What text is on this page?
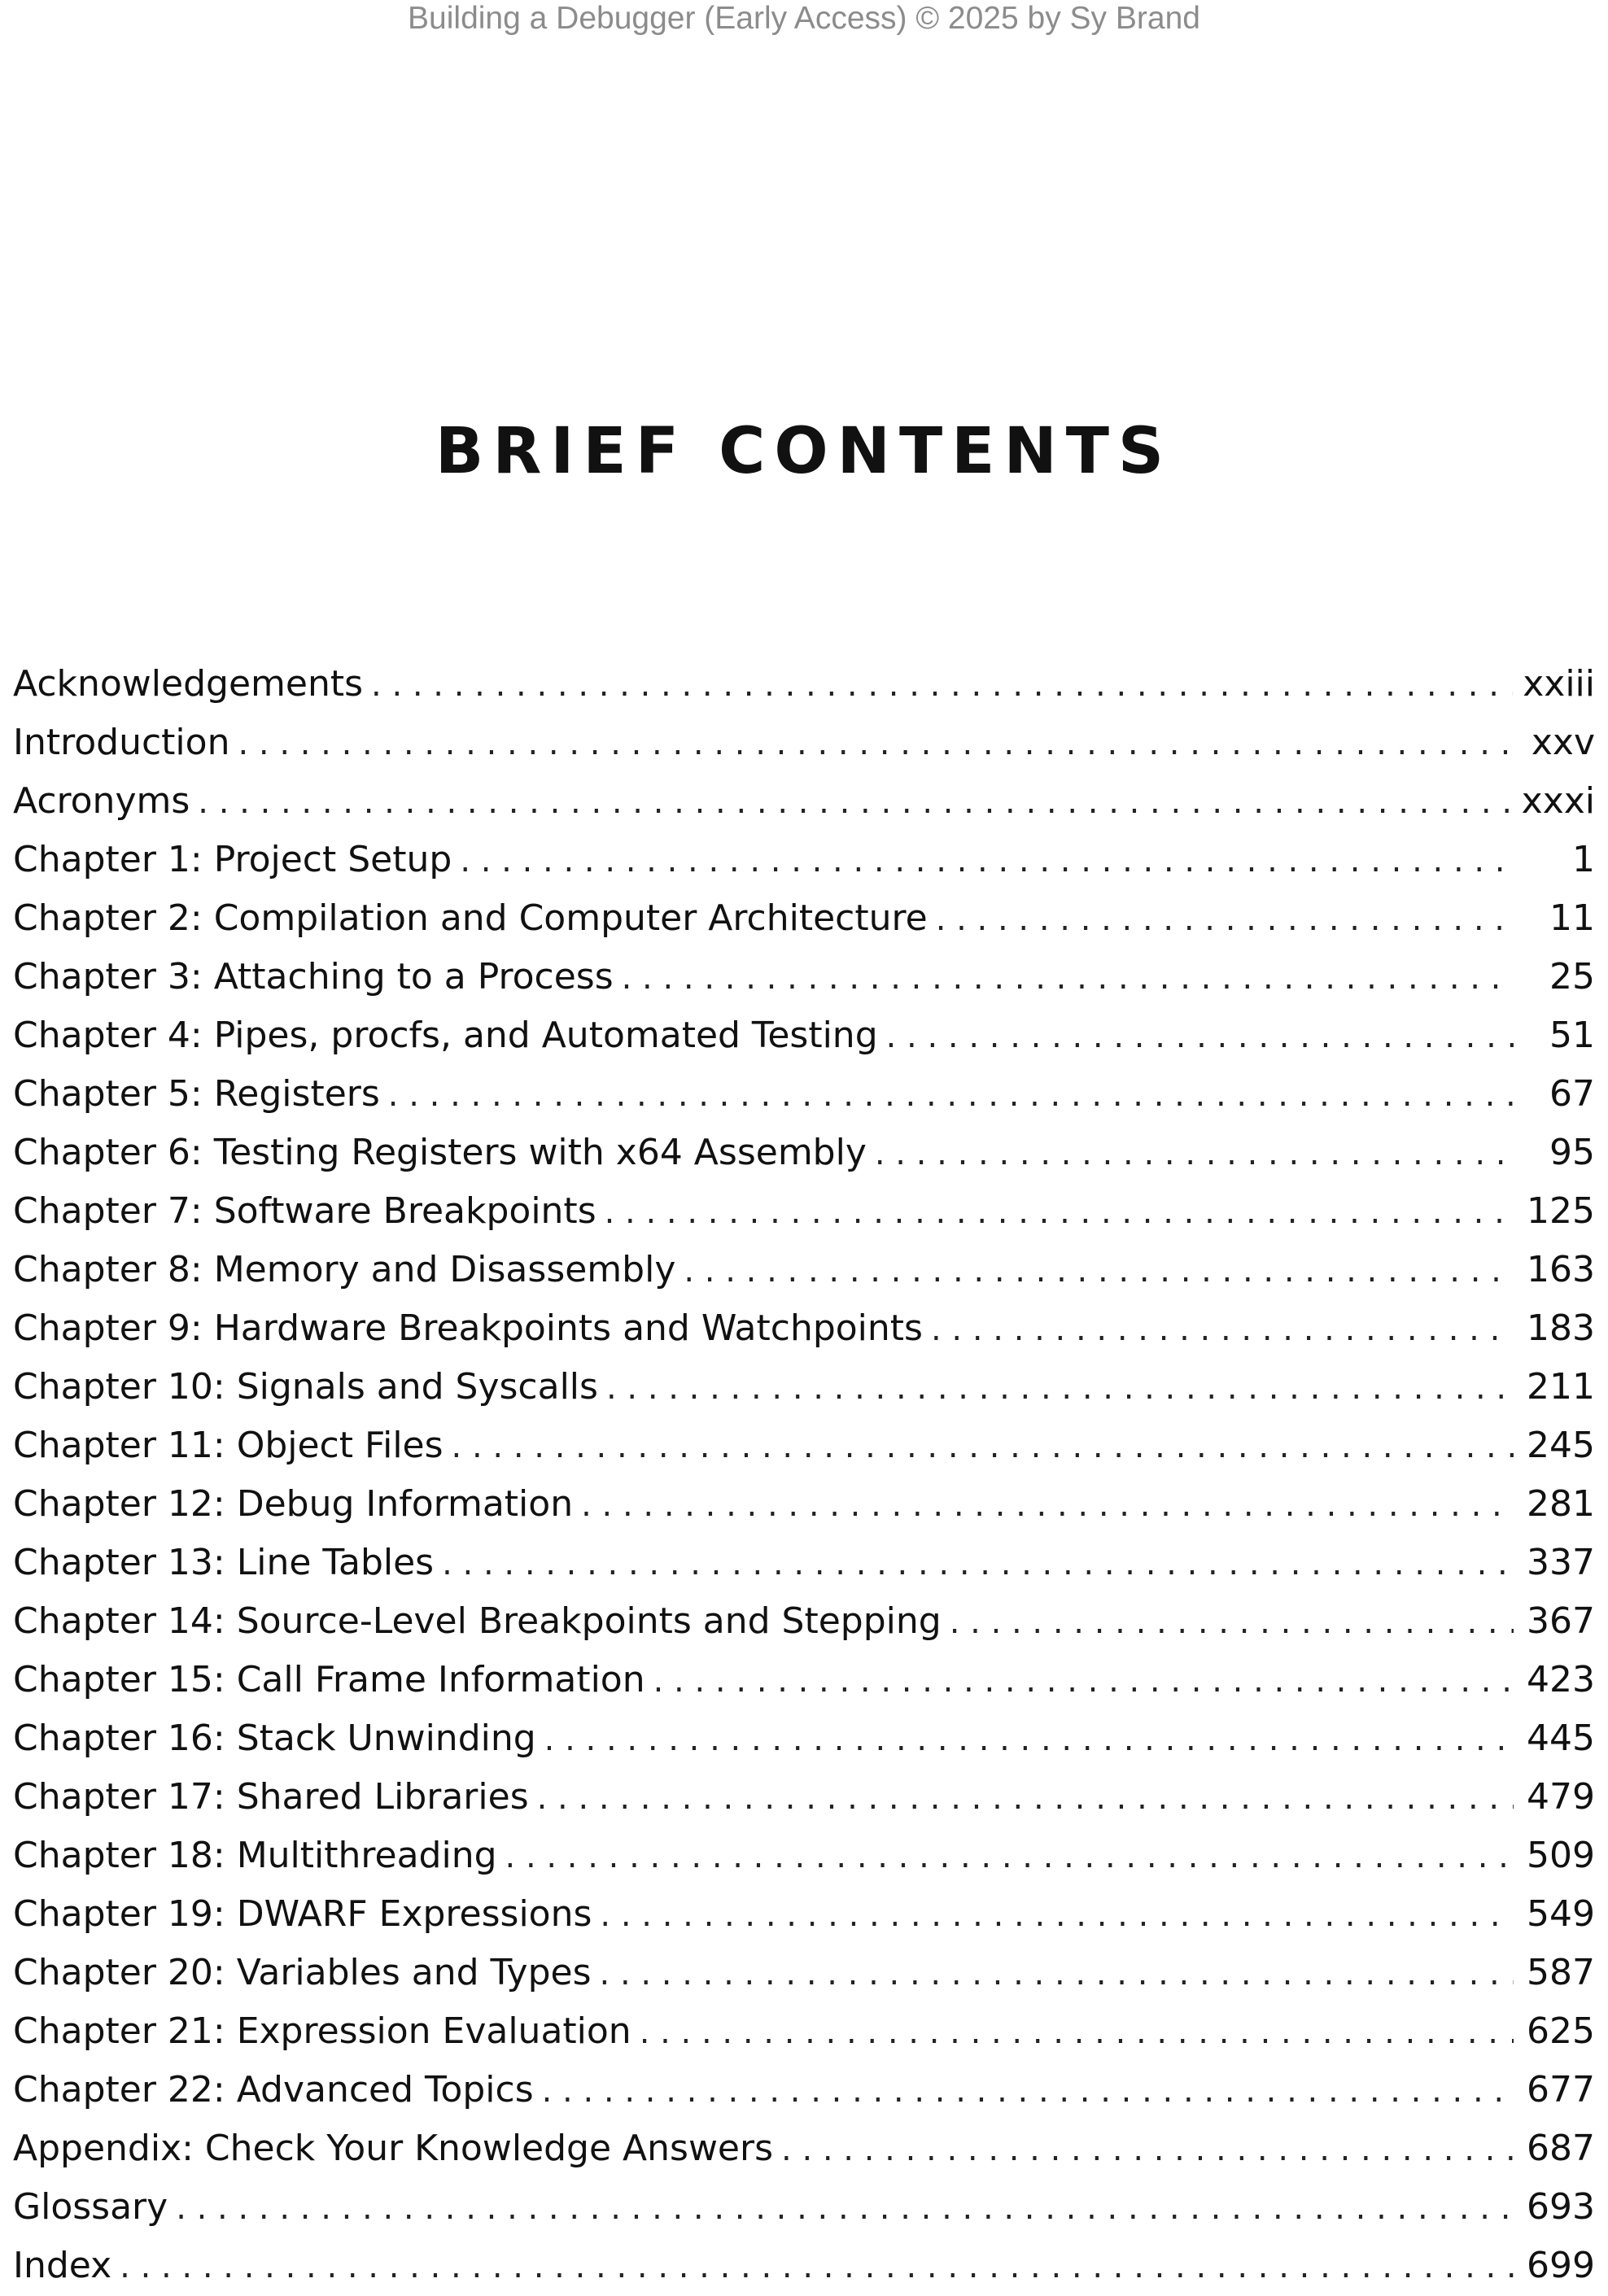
Building a Debugger (Early Access) © 2025 by Sy Brand
BRIEF CONTENTS
Acknowledgements . . .	xxiii
Introduction . . .	xxv
Acronyms . . .	xxxi
Chapter 1: Project Setup . . .	1
Chapter 2: Compilation and Computer Architecture . . .	11
Chapter 3: Attaching to a Process . . .	25
Chapter 4: Pipes, procfs, and Automated Testing . . .	51
Chapter 5: Registers . . .	67
Chapter 6: Testing Registers with x64 Assembly . . .	95
Chapter 7: Software Breakpoints . . .	125
Chapter 8: Memory and Disassembly . . .	163
Chapter 9: Hardware Breakpoints and Watchpoints . . .	183
Chapter 10: Signals and Syscalls . . .	211
Chapter 11: Object Files . . .	245
Chapter 12: Debug Information . . .	281
Chapter 13: Line Tables . . .	337
Chapter 14: Source-Level Breakpoints and Stepping . . .	367
Chapter 15: Call Frame Information . . .	423
Chapter 16: Stack Unwinding . . .	445
Chapter 17: Shared Libraries . . .	479
Chapter 18: Multithreading . . .	509
Chapter 19: DWARF Expressions . . .	549
Chapter 20: Variables and Types . . .	587
Chapter 21: Expression Evaluation . . .	625
Chapter 22: Advanced Topics . . .	677
Appendix: Check Your Knowledge Answers . . .	687
Glossary . . .	693
Index . . .	699
